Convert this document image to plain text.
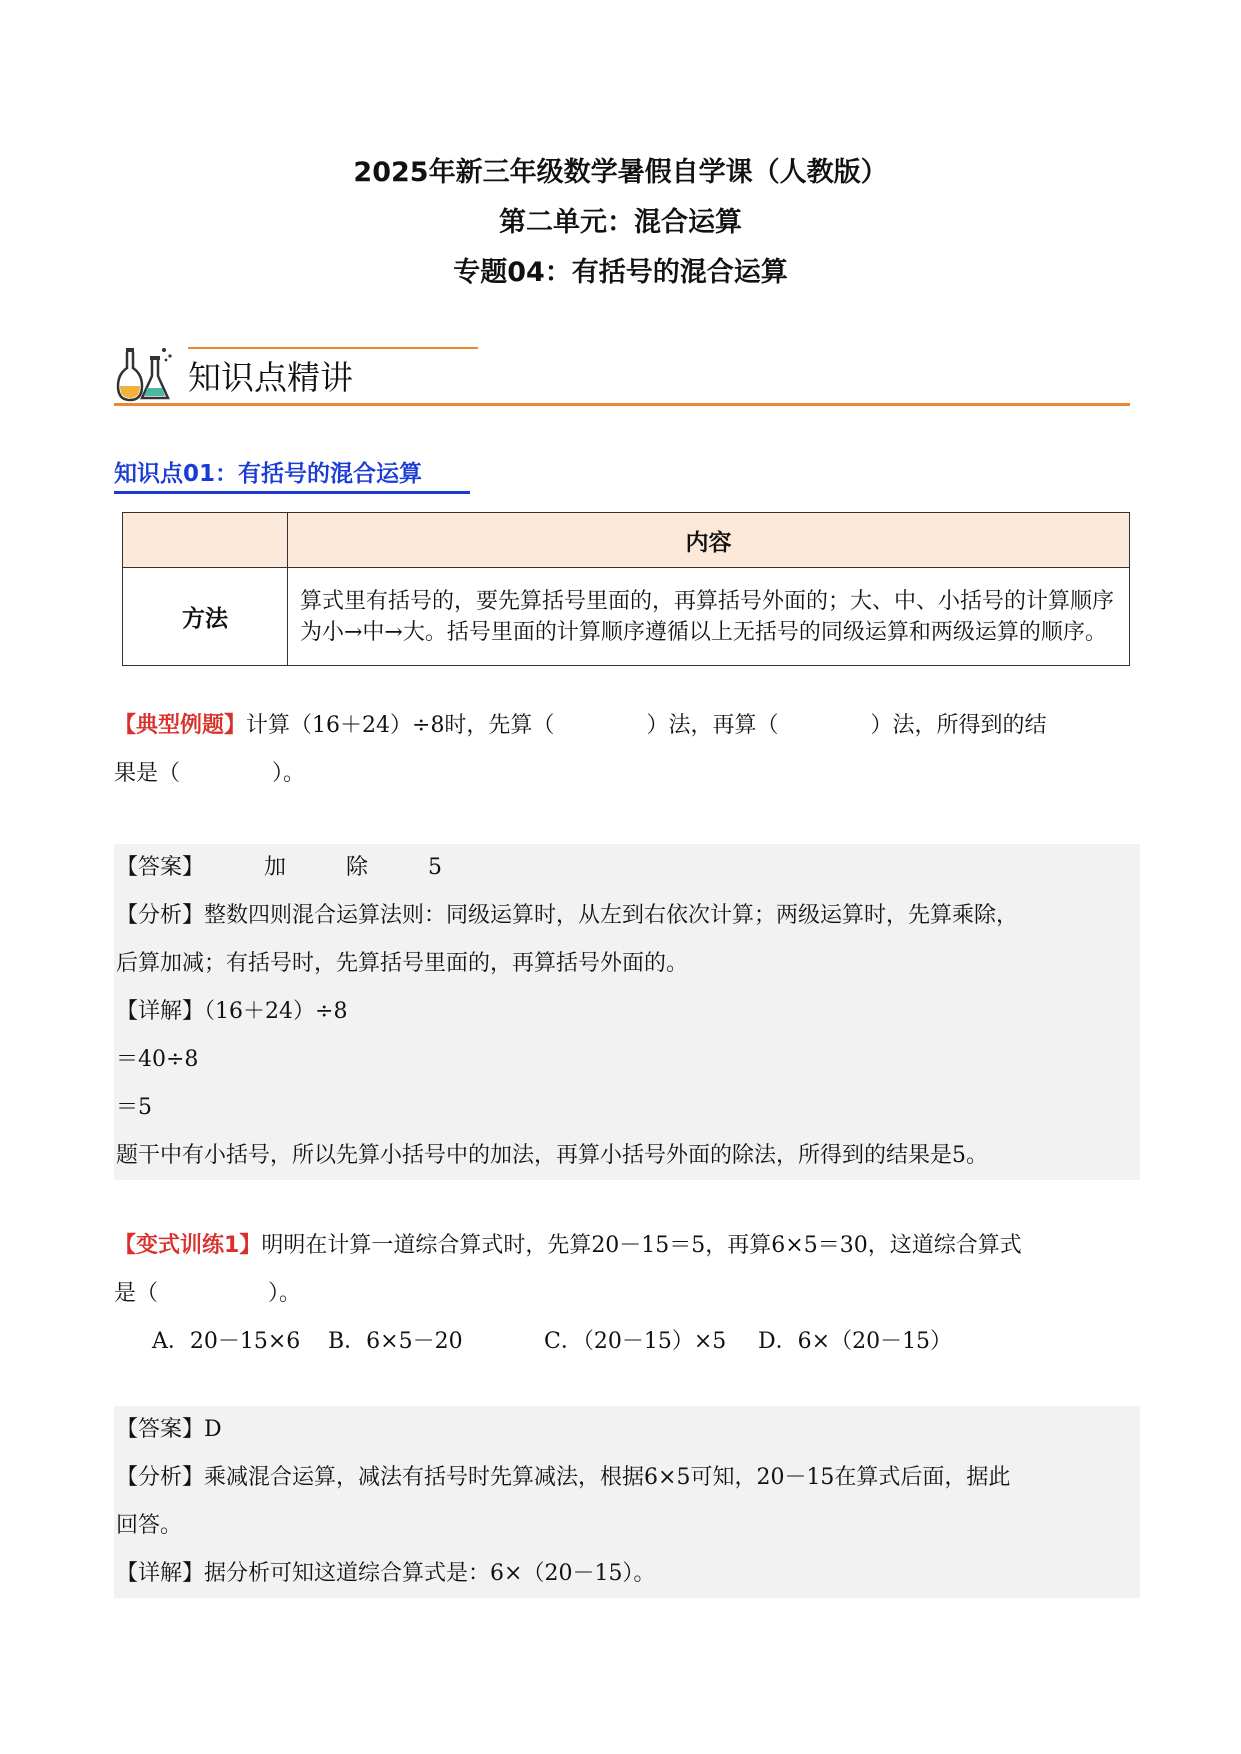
2025年新三年级数学暑假自学课（人教版）
第二单元：混合运算
专题04：有括号的混合运算
知识点精讲
知识点01：有括号的混合运算
	内容
方法	算式里有括号的，要先算括号里面的，再算括号外面的；大、中、小括号的计算顺序为小→中→大。括号里面的计算顺序遵循以上无括号的同级运算和两级运算的顺序。
【典型例题】计算（16＋24）÷8时，先算（	）法，再算（	）法，所得到的结
果是（	）。
【答案】	加	除	5
【分析】整数四则混合运算法则：同级运算时，从左到右依次计算；两级运算时，先算乘除，
后算加减；有括号时，先算括号里面的，再算括号外面的。
【详解】（16＋24）÷8
＝40÷8
＝5
题干中有小括号，所以先算小括号中的加法，再算小括号外面的除法，所得到的结果是5。
【变式训练1】明明在计算一道综合算式时，先算20－15＝5，再算6×5＝30，这道综合算式
是（	）。
A．20－15×6 B．6×5－20	C．（20－15）×5 D．6×（20－15）
【答案】D
【分析】乘减混合运算，减法有括号时先算减法，根据6×5可知，20－15在算式后面，据此
回答。
【详解】据分析可知这道综合算式是：6×（20－15）。
